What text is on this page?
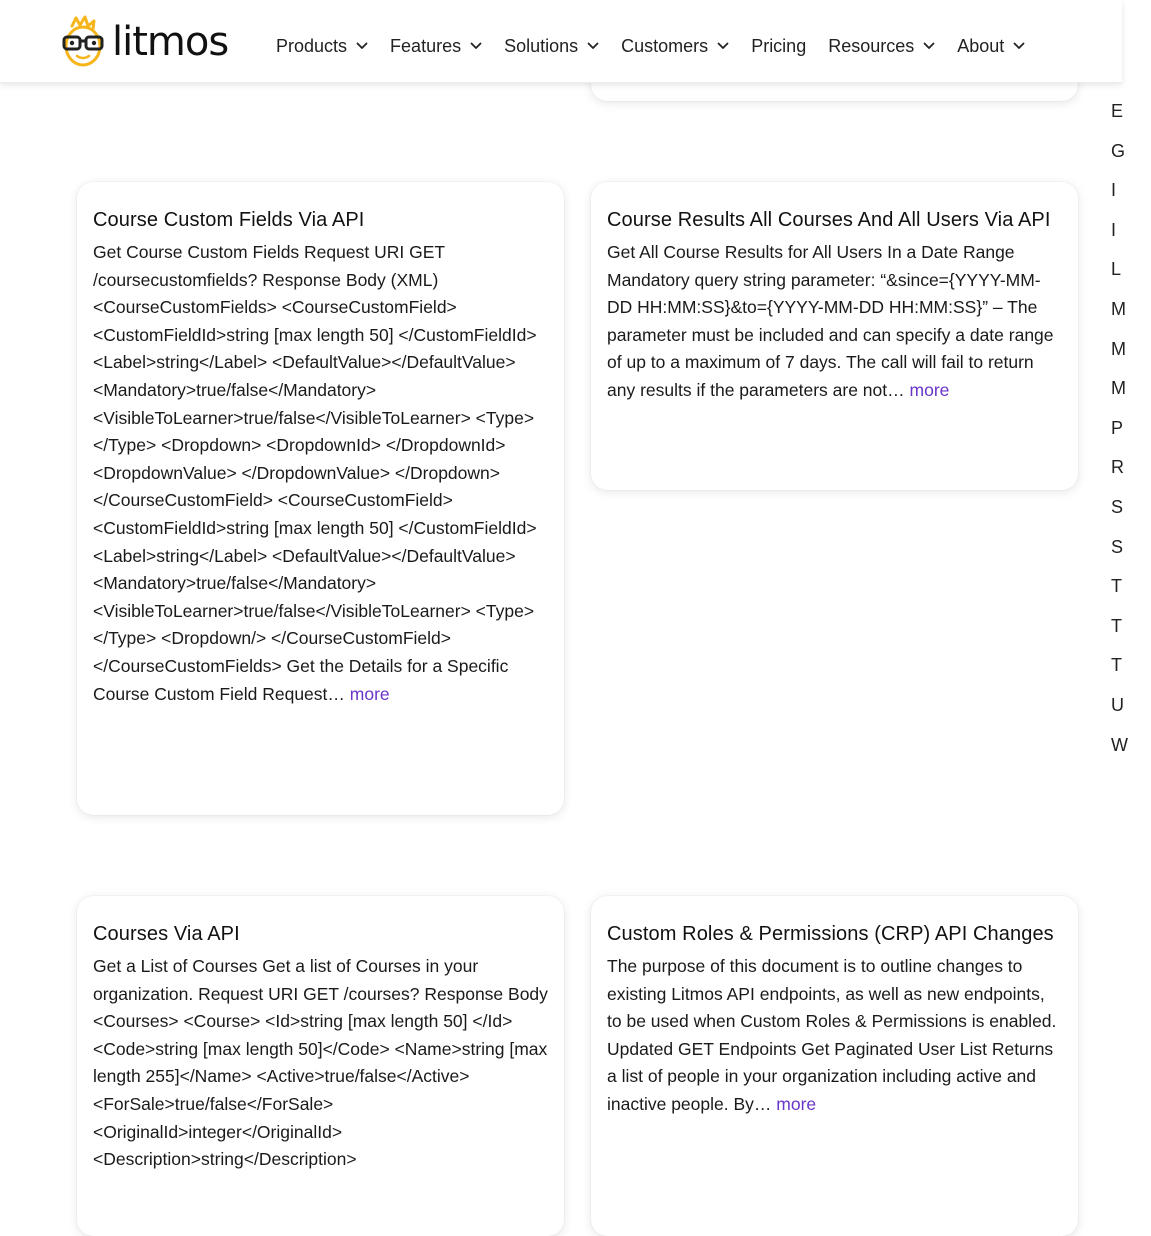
litmos	Products Features Solutions Customers Pricing Resources About
Course Custom Fields Via API

Get Course Custom Fields Request URI GET /coursecustomfields? Response Body (XML) <CourseCustomFields> <CourseCustomField> <CustomFieldId>string [max length 50] </CustomFieldId> <Label>string</Label> <DefaultValue></DefaultValue> <Mandatory>true/false</Mandatory> <VisibleToLearner>true/false</VisibleToLearner> <Type></Type> <Dropdown> <DropdownId> </DropdownId> <DropdownValue> </DropdownValue> </Dropdown> </CourseCustomField> <CourseCustomField> <CustomFieldId>string [max length 50] </CustomFieldId> <Label>string</Label> <DefaultValue></DefaultValue> <Mandatory>true/false</Mandatory> <VisibleToLearner>true/false</VisibleToLearner> <Type></Type> <Dropdown/> </CourseCustomField> </CourseCustomFields> Get the Details for a Specific Course Custom Field Request… more

Course Results All Courses And All Users Via API

Get All Course Results for All Users In a Date Range Mandatory query string parameter: “&since={YYYY-MM-DD HH:MM:SS}&to={YYYY-MM-DD HH:MM:SS}” – The parameter must be included and can specify a date range of up to a maximum of 7 days. The call will fail to return any results if the parameters are not… more

Courses Via API

Get a List of Courses Get a list of Courses in your organization. Request URI GET /courses? Response Body <Courses> <Course> <Id>string [max length 50] </Id> <Code>string [max length 50]</Code> <Name>string [max length 255]</Name> <Active>true/false</Active> <ForSale>true/false</ForSale> <OriginalId>integer</OriginalId> <Description>string</Description>

Custom Roles & Permissions (CRP) API Changes

The purpose of this document is to outline changes to existing Litmos API endpoints, as well as new endpoints, to be used when Custom Roles & Permissions is enabled. Updated GET Endpoints Get Paginated User List Returns a list of people in your organization including active and inactive people. By… more

E
G
I
I
L
M
M
M
P
R
S
S
T
T
T
U
W
